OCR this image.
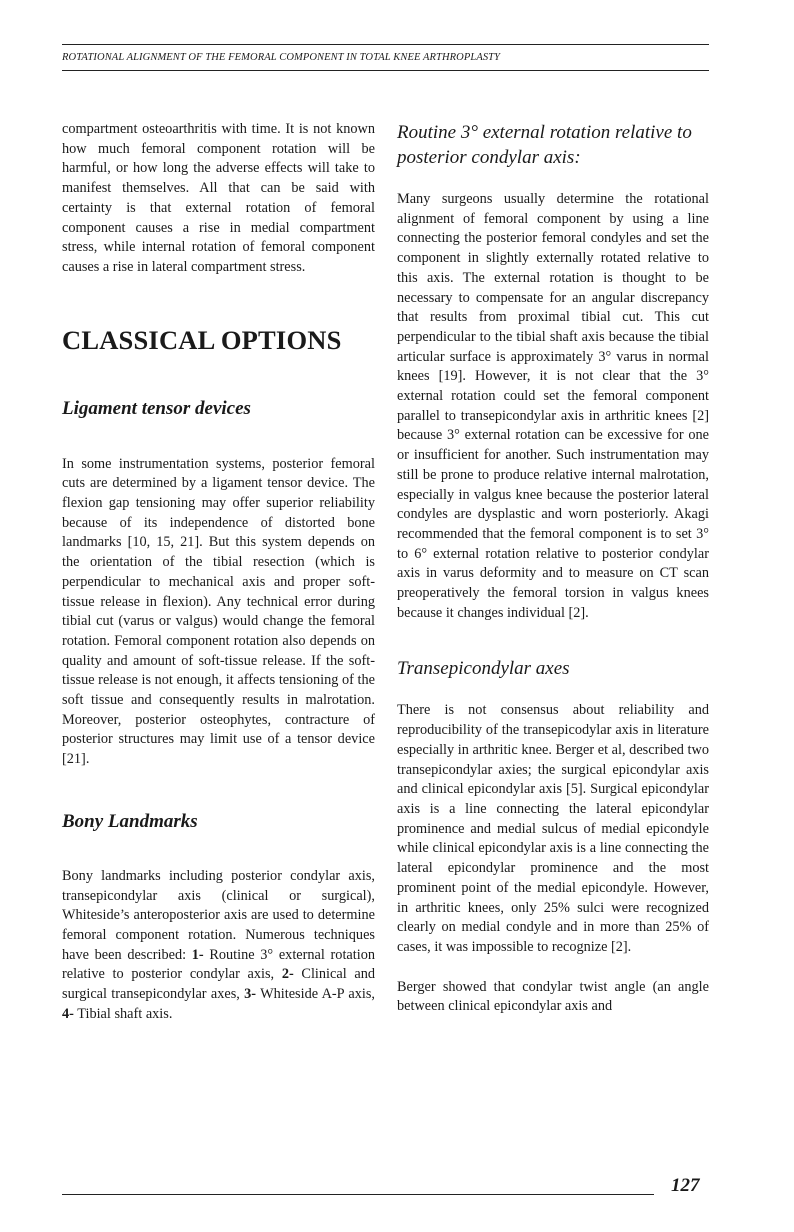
ROTATIONAL ALIGNMENT OF THE FEMORAL COMPONENT IN TOTAL KNEE ARTHROPLASTY

compartment osteoarthritis with time. It is not known how much femoral component rotation will be harmful, or how long the adverse effects will take to manifest themselves. All that can be said with certainty is that external rotation of femoral component causes a rise in medial compartment stress, while internal rotation of femoral component causes a rise in lateral compartment stress.

CLASSICAL OPTIONS
Ligament tensor devices

In some instrumentation systems, posterior femoral cuts are determined by a ligament tensor device. The flexion gap tensioning may offer superior reliability because of its independence of distorted bone landmarks [10, 15, 21]. But this system depends on the orientation of the tibial resection (which is perpendicular to mechanical axis and proper soft-tissue release in flexion). Any technical error during tibial cut (varus or valgus) would change the femoral rotation. Femoral component rotation also depends on quality and amount of soft-tissue release. If the soft-tissue release is not enough, it affects tensioning of the soft tissue and consequently results in malrotation. Moreover, posterior osteophytes, contracture of posterior structures may limit use of a tensor device [21].

Bony Landmarks

Bony landmarks including posterior condylar axis, transepicondylar axis (clinical or surgical), Whiteside’s anteroposterior axis are used to determine femoral component rotation. Numerous techniques have been described: 1- Routine 3° external rotation relative to posterior condylar axis, 2- Clinical and surgical transepicondylar axes, 3- Whiteside A-P axis, 4- Tibial shaft axis.

Routine 3° external rotation relative to posterior condylar axis:

Many surgeons usually determine the rotational alignment of femoral component by using a line connecting the posterior femoral condyles and set the component in slightly externally rotated relative to this axis. The external rotation is thought to be necessary to compensate for an angular discrepancy that results from proximal tibial cut. This cut perpendicular to the tibial shaft axis because the tibial articular surface is approximately 3° varus in normal knees [19]. However, it is not clear that the 3° external rotation could set the femoral component parallel to transepicondylar axis in arthritic knees [2] because 3° external rotation can be excessive for one or insufficient for another. Such instrumentation may still be prone to produce relative internal malrotation, especially in valgus knee because the posterior lateral condyles are dysplastic and worn posteriorly. Akagi recommended that the femoral component is to set 3° to 6° external rotation relative to posterior condylar axis in varus deformity and to measure on CT scan preoperatively the femoral torsion in valgus knees because it changes individual [2].

Transepicondylar axes

There is not consensus about reliability and reproducibility of the transepicodylar axis in literature especially in arthritic knee. Berger et al, described two transepicondylar axies; the surgical epicondylar axis and clinical epicondylar axis [5]. Surgical epicondylar axis is a line connecting the lateral epicondylar prominence and medial sulcus of medial epicondyle while clinical epicondylar axis is a line connecting the lateral epicondylar prominence and the most prominent point of the medial epicondyle. However, in arthritic knees, only 25% sulci were recognized clearly on medial condyle and in more than 25% of cases, it was impossible to recognize [2].

Berger showed that condylar twist angle (an angle between clinical epicondylar axis and

127
